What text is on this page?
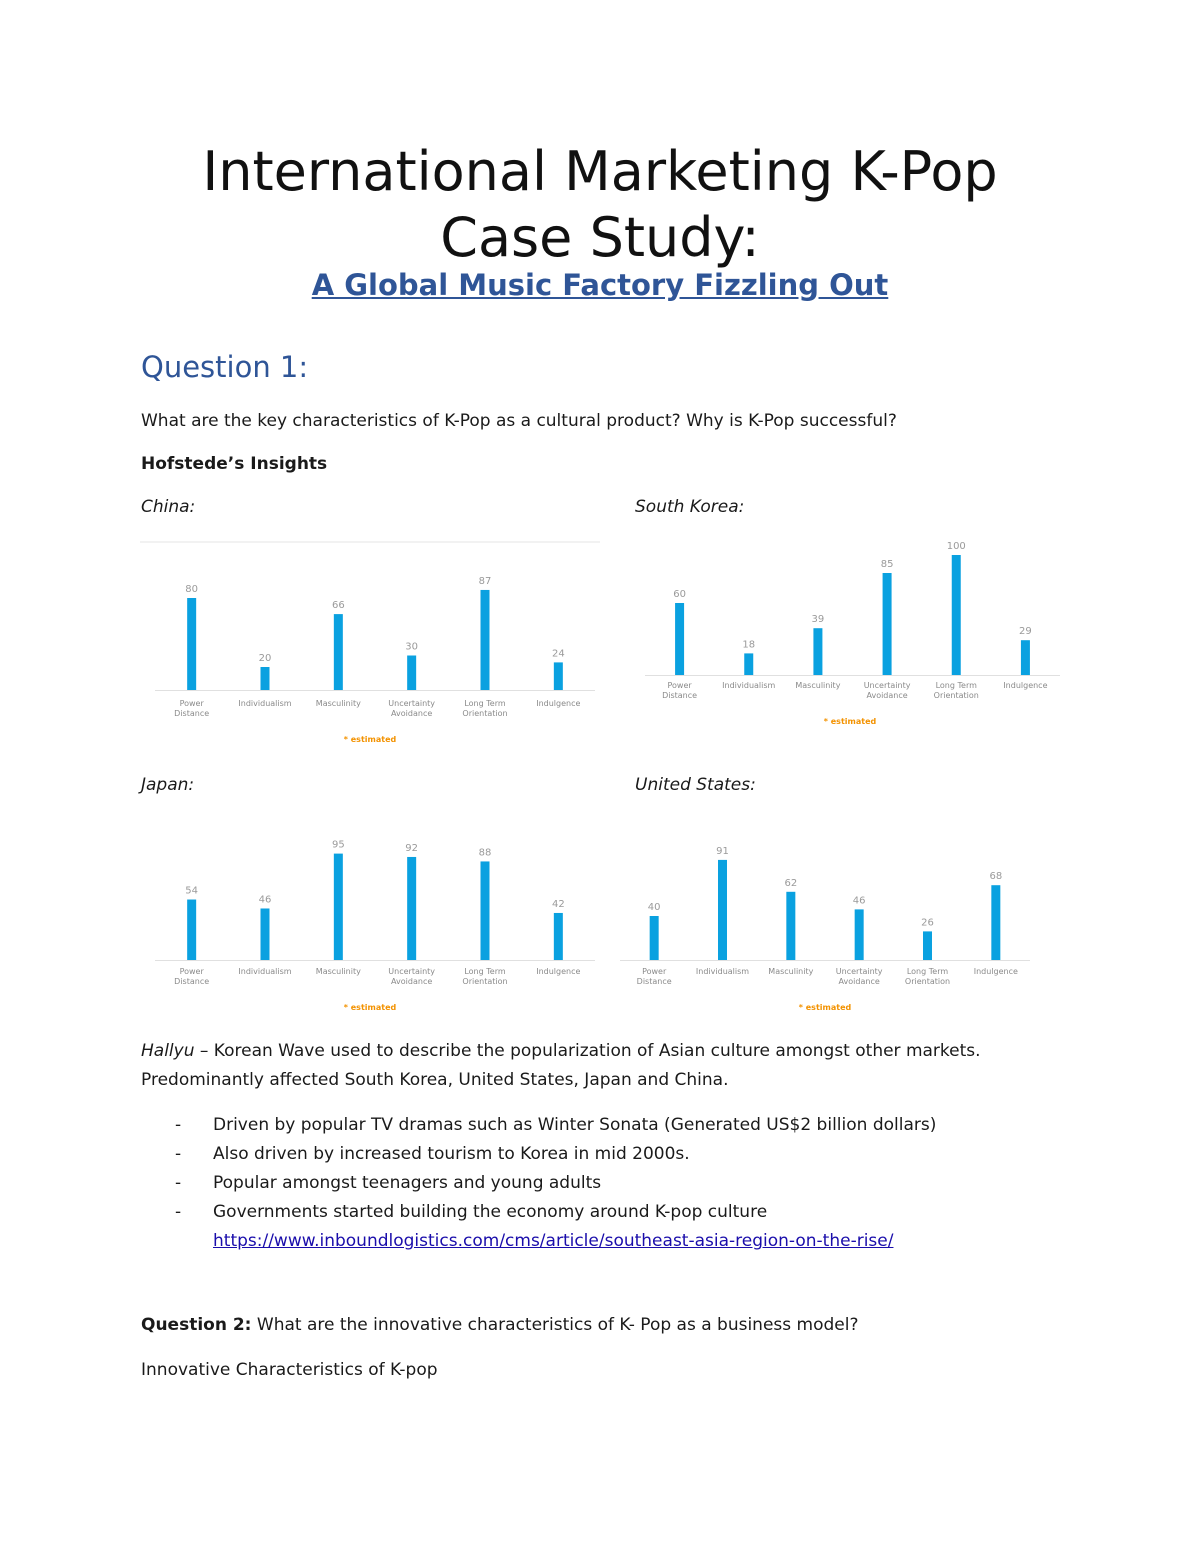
International Marketing K-Pop
Case Study:
A Global Music Factory Fizzling Out
Question 1:
What are the key characteristics of K-Pop as a cultural product? Why is K-Pop successful?
Hofstede’s Insights
China:	South Korea:
Japan:	United States:
80
Power Distance
20
Individualism
66
Masculinity
30
Uncertainty Avoidance
87
Long Term Orientation
24
Indulgence
* estimated
60
Power Distance
18
Individualism
39
Masculinity
85
Uncertainty Avoidance
100
Long Term Orientation
29
Indulgence
* estimated
54
Power Distance
46
Individualism
95
Masculinity
92
Uncertainty Avoidance
88
Long Term Orientation
42
Indulgence
* estimated
40
Power Distance
91
Individualism
62
Masculinity
46
Uncertainty Avoidance
26
Long Term Orientation
68
Indulgence
* estimated
Hallyu – Korean Wave used to describe the popularization of Asian culture amongst other markets.
Predominantly affected South Korea, United States, Japan and China.
- Driven by popular TV dramas such as Winter Sonata (Generated US$2 billion dollars)
- Also driven by increased tourism to Korea in mid 2000s.
- Popular amongst teenagers and young adults
- Governments started building the economy around K-pop culture
https://www.inboundlogistics.com/cms/article/southeast-asia-region-on-the-rise/
Question 2: What are the innovative characteristics of K- Pop as a business model?
Innovative Characteristics of K-pop
